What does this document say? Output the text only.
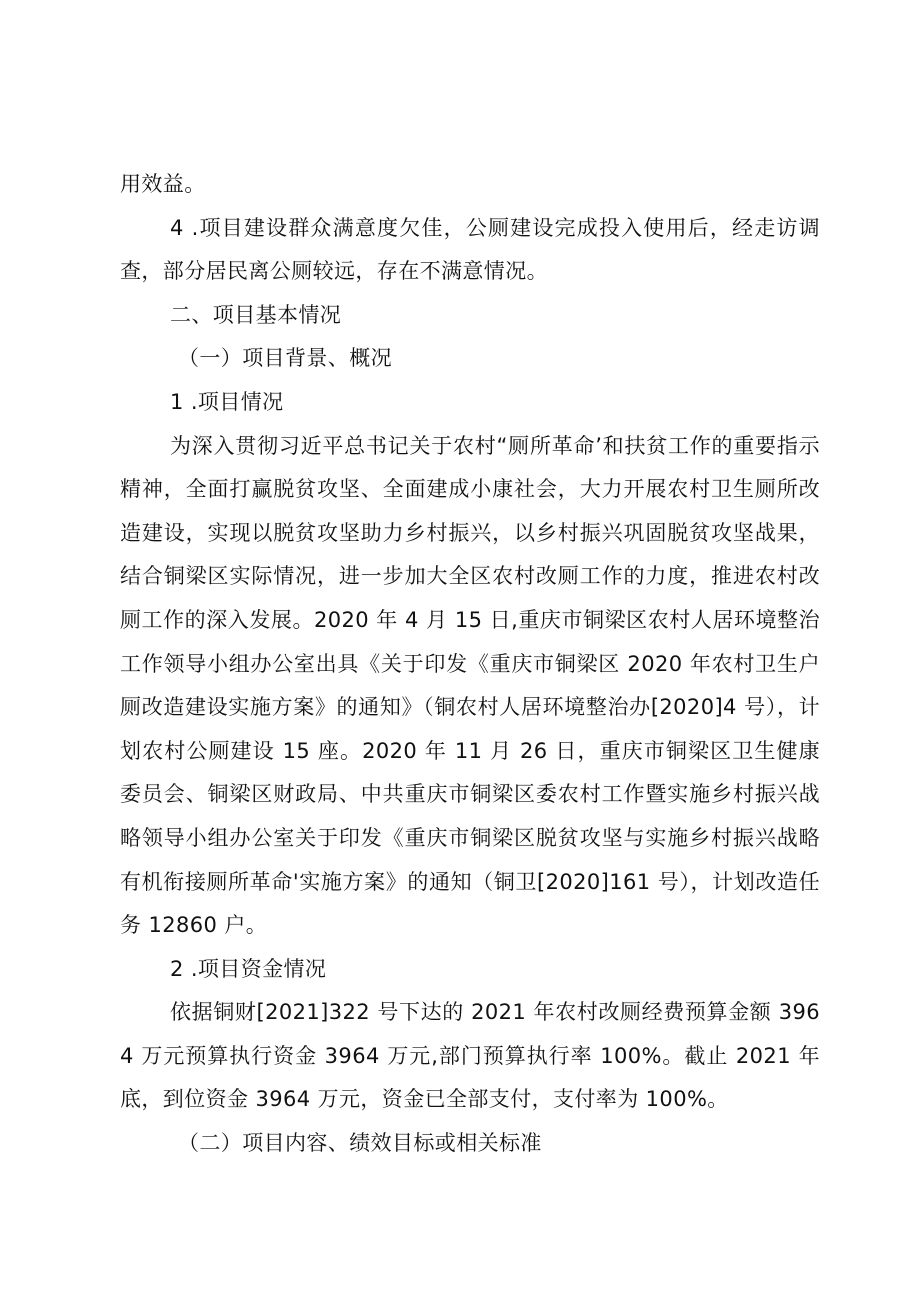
用效益。

4 .项目建设群众满意度欠佳，公厕建设完成投入使用后，经走访调查，部分居民离公厕较远，存在不满意情况。

二、项目基本情况

（一）项目背景、概况

1 .项目情况

为深入贯彻习近平总书记关于农村“厕所革命’和扶贫工作的重要指示精神，全面打赢脱贫攻坚、全面建成小康社会，大力开展农村卫生厕所改造建设，实现以脱贫攻坚助力乡村振兴，以乡村振兴巩固脱贫攻坚战果，结合铜梁区实际情况，进一步加大全区农村改厕工作的力度，推进农村改厕工作的深入发展。2020 年 4 月 15 日,重庆市铜梁区农村人居环境整治工作领导小组办公室出具《关于印发《重庆市铜梁区 2020 年农村卫生户厕改造建设实施方案》的通知》（铜农村人居环境整治办[2020]4 号），计划农村公厕建设 15 座。2020 年 11 月 26 日，重庆市铜梁区卫生健康委员会、铜梁区财政局、中共重庆市铜梁区委农村工作暨实施乡村振兴战略领导小组办公室关于印发《重庆市铜梁区脱贫攻坚与实施乡村振兴战略有机衔接厕所革命'实施方案》的通知（铜卫[2020]161 号），计划改造任务 12860 户。

2 .项目资金情况

依据铜财[2021]322 号下达的 2021 年农村改厕经费预算金额 3964 万元预算执行资金 3964 万元,部门预算执行率 100%。截止 2021 年底，到位资金 3964 万元，资金已全部支付，支付率为 100%。

（二）项目内容、绩效目标或相关标准
